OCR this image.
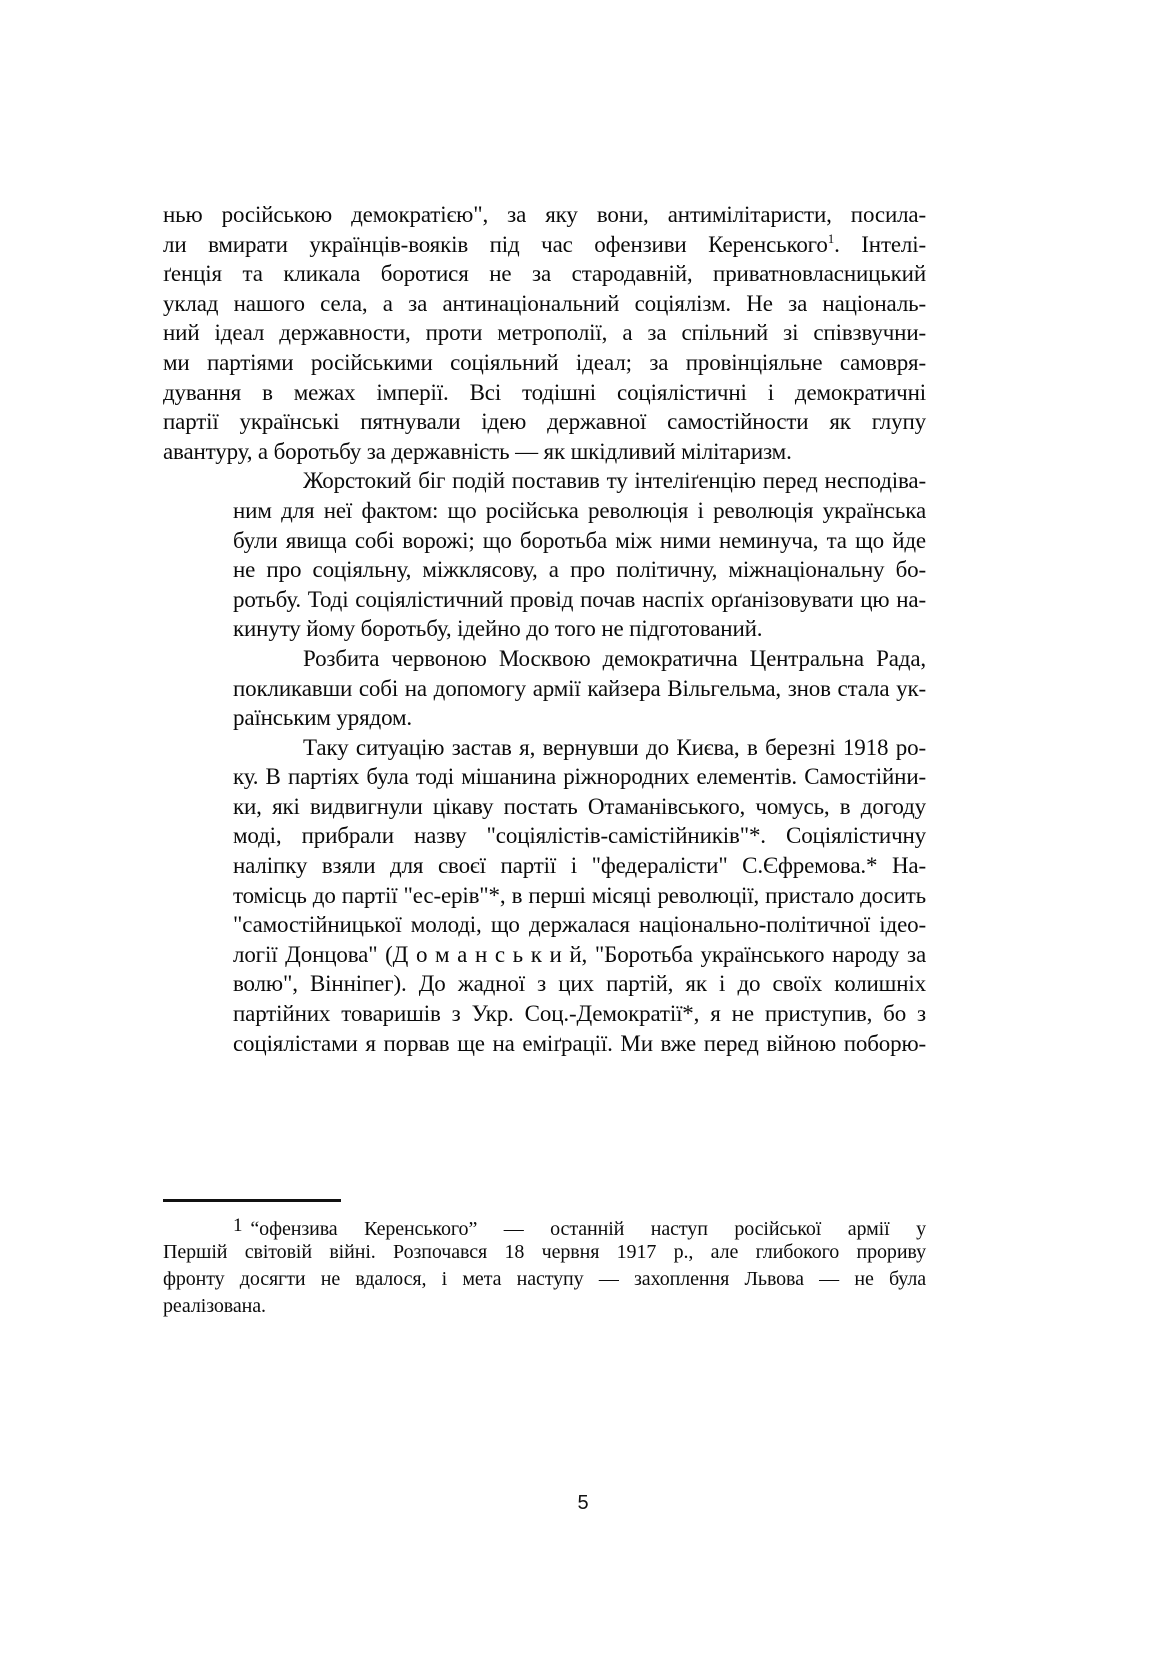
нью російською демократією", за яку вони, антимілітаристи, посила-
ли вмирати українців-вояків під час офензиви Керенського$^1$. Інтелі-
ґенція та кликала боротися не за стародавній, приватновласницький
уклад нашого села, а за антинаціональний соціялізм. Не за національ-
ний ідеал державности, проти метрополії, а за спільний зі співзвучни-
ми партіями російськими соціяльний ідеал; за провінціяльне самовря-
дування в межах імперії. Всі тодішні соціялістичні і демократичні
партії українські пятнували ідею державної самостійности як глупу
авантуру, а боротьбу за державність — як шкідливий мілітаризм.
Жорстокий біг подій поставив ту інтеліґенцію перед несподіва-
ним для неї фактом: що російська революція і революція українська
були явища собі ворожі; що боротьба між ними неминуча, та що йде
не про соціяльну, міжклясову, а про політичну, міжнаціональну бо-
ротьбу. Тоді соціялістичний провід почав наспіх орґанізовувати цю на-
кинуту йому боротьбу, ідейно до того не підготований.
Розбита червоною Москвою демократична Центральна Рада,
покликавши собі на допомогу армії кайзера Вільгельма, знов стала ук-
раїнським урядом.
Таку ситуацію застав я, вернувши до Києва, в березні 1918 ро-
ку. В партіях була тоді мішанина ріжнородних елементів. Самостійни-
ки, які видвигнули цікаву постать Отаманівського, чомусь, в догоду
моді, прибрали назву "соціялістів-самістійників"*. Соціялістичну
наліпку взяли для своєї партії і "федералісти" С.Єфремова.* На-
томісць до партії "ес-ерів"*, в перші місяці революції, пристало досить
"самостійницької молоді, що держалася національно-політичної ідео-
логії Донцова" (Д о м а н с ь к и й, "Боротьба українського народу за
волю", Вінніпег). До жадної з цих партій, як і до своїх колишніх
партійних товаришів з Укр. Соц.-Демократії*, я не приступив, бо з
соціялістами я порвав ще на еміґрації. Ми вже перед війною поборю-
1 “офензива Керенського” — останній наступ російської армії у
Першій світовій війні. Розпочався 18 червня 1917 р., але глибокого прориву
фронту досягти не вдалося, і мета наступу — захоплення Львова — не була
реалізована.
5
